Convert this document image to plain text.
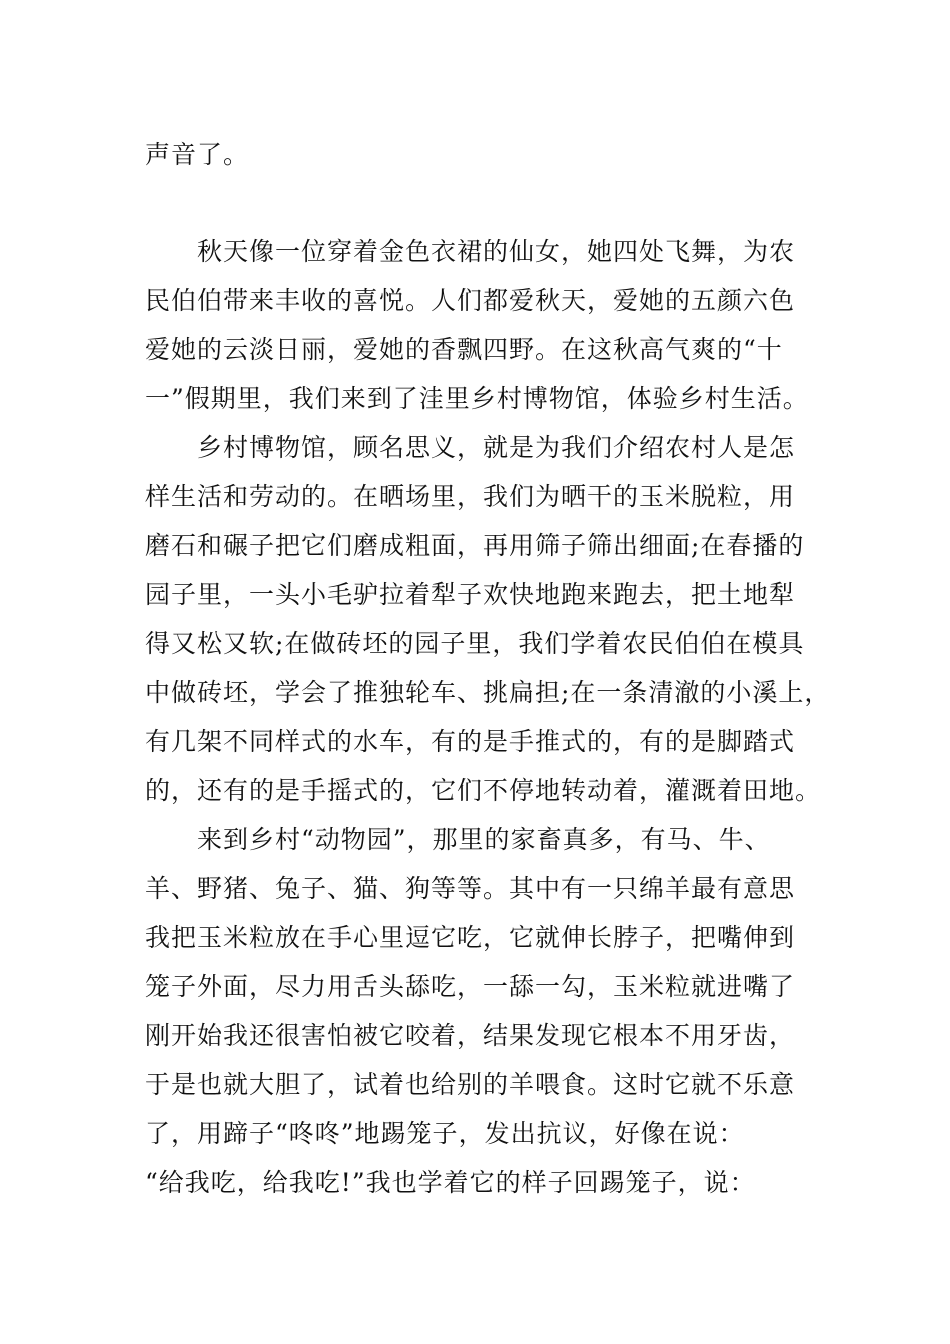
声音了。
秋天像一位穿着金色衣裙的仙女，她四处飞舞，为农
民伯伯带来丰收的喜悦。人们都爱秋天，爱她的五颜六色
爱她的云淡日丽，爱她的香飘四野。在这秋高气爽的“十
一”假期里，我们来到了洼里乡村博物馆，体验乡村生活。
乡村博物馆，顾名思义，就是为我们介绍农村人是怎
样生活和劳动的。在晒场里，我们为晒干的玉米脱粒，用
磨石和碾子把它们磨成粗面，再用筛子筛出细面;在春播的
园子里，一头小毛驴拉着犁子欢快地跑来跑去，把土地犁
得又松又软;在做砖坯的园子里，我们学着农民伯伯在模具
中做砖坯，学会了推独轮车、挑扁担;在一条清澈的小溪上，
有几架不同样式的水车，有的是手推式的，有的是脚踏式
的，还有的是手摇式的，它们不停地转动着，灌溉着田地。
来到乡村“动物园”，那里的家畜真多，有马、牛、
羊、野猪、兔子、猫、狗等等。其中有一只绵羊最有意思
我把玉米粒放在手心里逗它吃，它就伸长脖子，把嘴伸到
笼子外面，尽力用舌头舔吃，一舔一勾，玉米粒就进嘴了
刚开始我还很害怕被它咬着，结果发现它根本不用牙齿，
于是也就大胆了，试着也给别的羊喂食。这时它就不乐意
了，用蹄子“咚咚”地踢笼子，发出抗议，好像在说：
“给我吃，给我吃!”我也学着它的样子回踢笼子，说：
